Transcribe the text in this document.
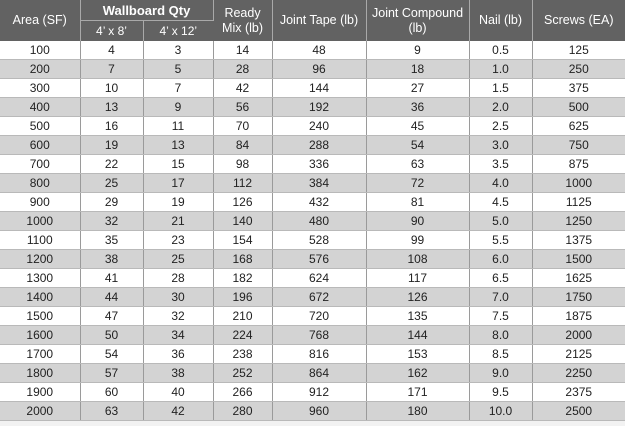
Area (SF)	Wallboard Qty		Ready Mix (lb)	Joint Tape (lb)	Joint Compound (lb)	Nail (lb)	Screws (EA)
	4’ x 8’	4’ x 12’					
100	4	3	14	48	9	0.5	125
200	7	5	28	96	18	1.0	250
300	10	7	42	144	27	1.5	375
400	13	9	56	192	36	2.0	500
500	16	11	70	240	45	2.5	625
600	19	13	84	288	54	3.0	750
700	22	15	98	336	63	3.5	875
800	25	17	112	384	72	4.0	1000
900	29	19	126	432	81	4.5	1125
1000	32	21	140	480	90	5.0	1250
1100	35	23	154	528	99	5.5	1375
1200	38	25	168	576	108	6.0	1500
1300	41	28	182	624	117	6.5	1625
1400	44	30	196	672	126	7.0	1750
1500	47	32	210	720	135	7.5	1875
1600	50	34	224	768	144	8.0	2000
1700	54	36	238	816	153	8.5	2125
1800	57	38	252	864	162	9.0	2250
1900	60	40	266	912	171	9.5	2375
2000	63	42	280	960	180	10.0	2500
